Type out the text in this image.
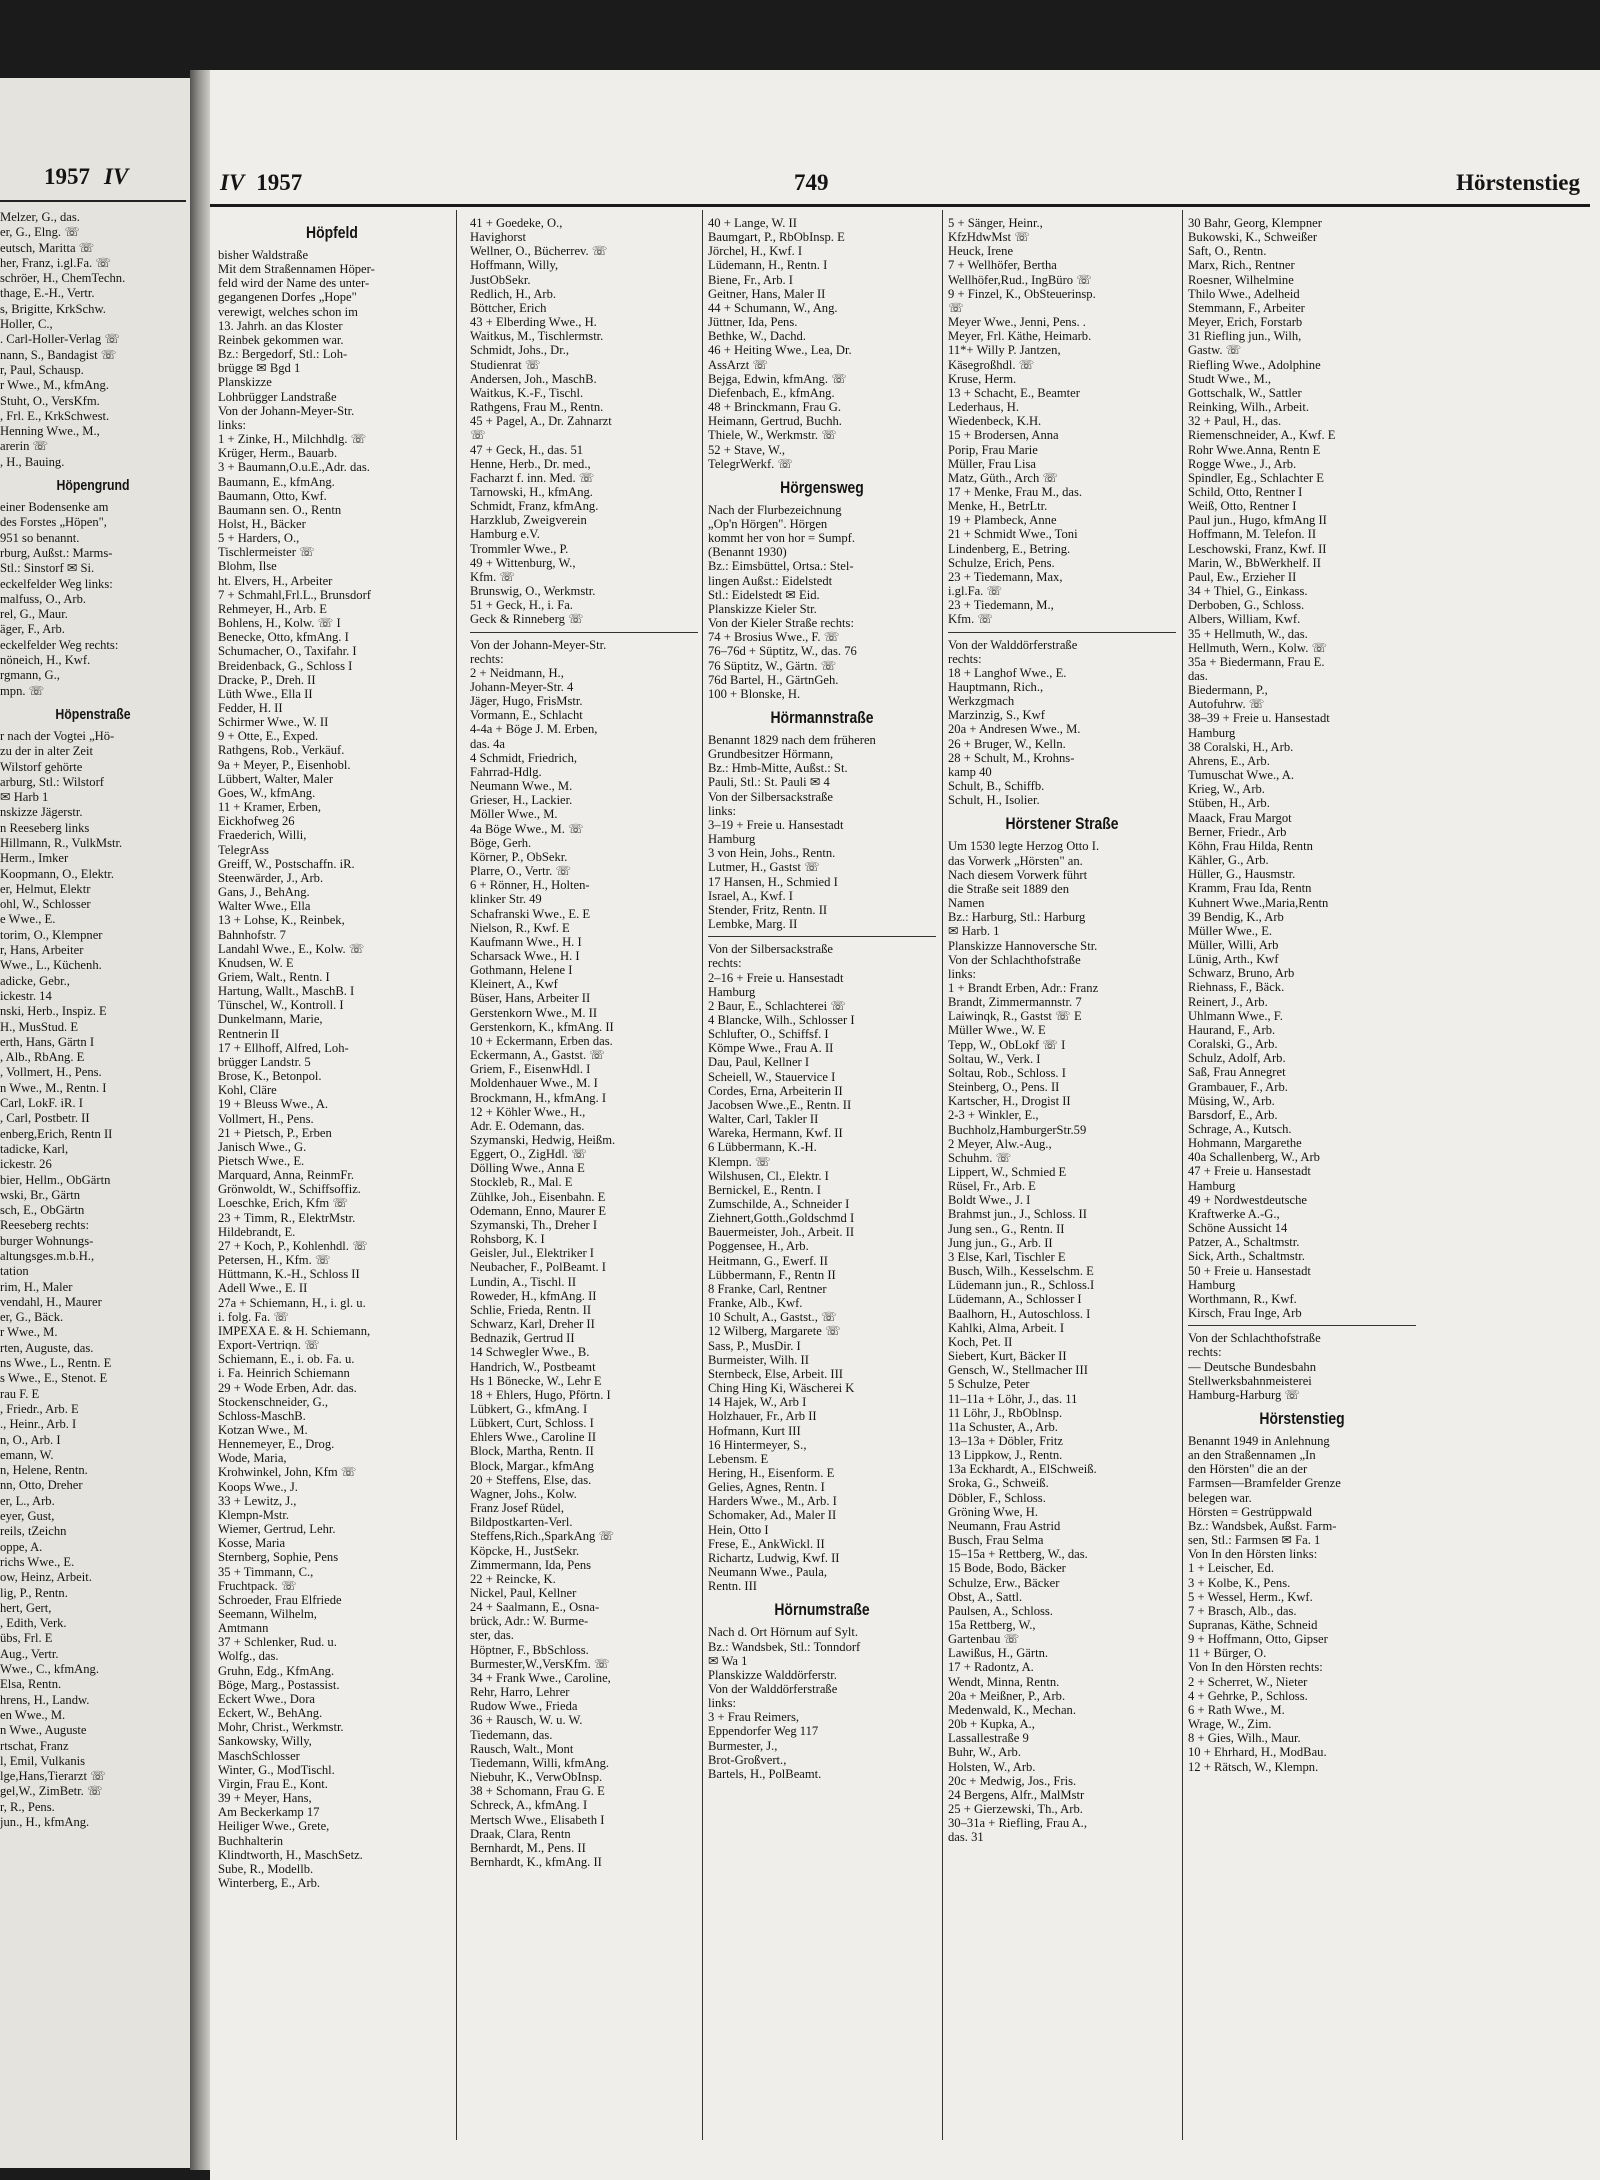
1957 IV
Melzer, G., das.
er, G., Elng. ☏
eutsch, Maritta ☏
her, Franz, i.gl.Fa. ☏
schröer, H., ChemTechn.
thage, E.-H., Vertr.
s, Brigitte, KrkSchw.
Holler, C.,
. Carl-Holler-Verlag ☏
nann, S., Bandagist ☏
r, Paul, Schausp.
r Wwe., M., kfmAng.
Stuht, O., VersKfm.
, Frl. E., KrkSchwest.
Henning Wwe., M.,
arerin ☏
, H., Bauing.
Höpengrund
einer Bodensenke am
des Forstes „Höpen",
951 so benannt.
rburg, Außst.: Marms-
Stl.: Sinstorf ✉ Si.
eckelfelder Weg links:
malfuss, O., Arb.
rel, G., Maur.
äger, F., Arb.
eckelfelder Weg rechts:
nöneich, H., Kwf.
rgmann, G.,
mpn. ☏
Höpenstraße
r nach der Vogtei „Hö-
zu der in alter Zeit
Wilstorf gehörte
arburg, Stl.: Wilstorf
✉ Harb 1
nskizze Jägerstr.
n Reeseberg links
Hillmann, R., VulkMstr.
Herm., Imker
Koopmann, O., Elektr.
er, Helmut, Elektr
ohl, W., Schlosser
e Wwe., E.
torim, O., Klempner
r, Hans, Arbeiter
Wwe., L., Küchenh.
adicke, Gebr.,
ickestr. 14
nski, Herb., Inspiz. E
H., MusStud. E
erth, Hans, Gärtn I
, Alb., RbAng. E
, Vollmert, H., Pens.
n Wwe., M., Rentn. I
Carl, LokF. iR. I
, Carl, Postbetr. II
enberg,Erich, Rentn II
tadicke, Karl,
ickestr. 26
bier, Hellm., ObGärtn
wski, Br., Gärtn
sch, E., ObGärtn
Reeseberg rechts:
burger Wohnungs-
altungsges.m.b.H.,
tation
rim, H., Maler
vendahl, H., Maurer
er, G., Bäck.
r Wwe., M.
rten, Auguste, das.
ns Wwe., L., Rentn. E
s Wwe., E., Stenot. E
rau F. E
, Friedr., Arb. E
., Heinr., Arb. I
n, O., Arb. I
emann, W.
n, Helene, Rentn.
nn, Otto, Dreher
er, L., Arb.
eyer, Gust,
reils, tZeichn
oppe, A.
richs Wwe., E.
ow, Heinz, Arbeit.
lig, P., Rentn.
hert, Gert,
, Edith, Verk.
übs, Frl. E
Aug., Vertr.
Wwe., C., kfmAng.
Elsa, Rentn.
hrens, H., Landw.
en Wwe., M.
n Wwe., Auguste
rtschat, Franz
l, Emil, Vulkanis
lge,Hans,Tierarzt ☏
gel,W., ZimBetr. ☏
r, R., Pens.
jun., H., kfmAng.
IV 1957	749	Hörstenstieg
Höpfeld
bisher Waldstraße
Mit dem Straßennamen Höper-
feld wird der Name des unter-
gegangenen Dorfes „Hope"
verewigt, welches schon im
13. Jahrh. an das Kloster
Reinbek gekommen war.
Bz.: Bergedorf, Stl.: Loh-
brügge ✉ Bgd 1
Planskizze
Lohbrügger Landstraße
Von der Johann-Meyer-Str.
links:
1 + Zinke, H., Milchhdlg. ☏
Krüger, Herm., Bauarb.
3 + Baumann,O.u.E.,Adr. das.
Baumann, E., kfmAng.
Baumann, Otto, Kwf.
Baumann sen. O., Rentn
Holst, H., Bäcker
5 + Harders, O.,
Tischlermeister ☏
Blohm, Ilse
ht. Elvers, H., Arbeiter
7 + Schmahl,Frl.L., Brunsdorf
Rehmeyer, H., Arb. E
Bohlens, H., Kolw. ☏ I
Benecke, Otto, kfmAng. I
Schumacher, O., Taxifahr. I
Breidenback, G., Schloss I
Dracke, P., Dreh. II
Lüth Wwe., Ella II
Fedder, H. II
Schirmer Wwe., W. II
9 + Otte, E., Exped.
Rathgens, Rob., Verkäuf.
9a + Meyer, P., Eisenhobl.
Lübbert, Walter, Maler
Goes, W., kfmAng.
11 + Kramer, Erben,
Eickhofweg 26
Fraederich, Willi,
TelegrAss
Greiff, W., Postschaffn. iR.
Steenwärder, J., Arb.
Gans, J., BehAng.
Walter Wwe., Ella
13 + Lohse, K., Reinbek,
Bahnhofstr. 7
Landahl Wwe., E., Kolw. ☏
Knudsen, W. E
Griem, Walt., Rentn. I
Hartung, Wallt., MaschB. I
Tünschel, W., Kontroll. I
Dunkelmann, Marie,
Rentnerin II
17 + Ellhoff, Alfred, Loh-
brügger Landstr. 5
Brose, K., Betonpol.
Kohl, Cläre
19 + Bleuss Wwe., A.
Vollmert, H., Pens.
21 + Pietsch, P., Erben
Janisch Wwe., G.
Pietsch Wwe., E.
Marquard, Anna, ReinmFr.
Grönwoldt, W., Schiffsoffiz.
Loeschke, Erich, Kfm ☏
23 + Timm, R., ElektrMstr.
Hildebrandt, E.
27 + Koch, P., Kohlenhdl. ☏
Petersen, H., Kfm. ☏
Hüttmann, K.-H., Schloss II
Adell Wwe., E. II
27a + Schiemann, H., i. gl. u.
i. folg. Fa. ☏
IMPEXA E. & H. Schiemann,
Export-Vertriqn. ☏
Schiemann, E., i. ob. Fa. u.
i. Fa. Heinrich Schiemann
29 + Wode Erben, Adr. das.
Stockenschneider, G.,
Schloss-MaschB.
Kotzan Wwe., M.
Hennemeyer, E., Drog.
Wode, Maria,
Krohwinkel, John, Kfm ☏
Koops Wwe., J.
33 + Lewitz, J.,
Klempn-Mstr.
Wiemer, Gertrud, Lehr.
Kosse, Maria
Sternberg, Sophie, Pens
35 + Timmann, C.,
Fruchtpack. ☏
Schroeder, Frau Elfriede
Seemann, Wilhelm,
Amtmann
37 + Schlenker, Rud. u.
Wolfg., das.
Gruhn, Edg., KfmAng.
Böge, Marg., Postassist.
Eckert Wwe., Dora
Eckert, W., BehAng.
Mohr, Christ., Werkmstr.
Sankowsky, Willy,
MaschSchlosser
Winter, G., ModTischl.
Virgin, Frau E., Kont.
39 + Meyer, Hans,
Am Beckerkamp 17
Heiliger Wwe., Grete,
Buchhalterin
Klindtworth, H., MaschSetz.
Sube, R., Modellb.
Winterberg, E., Arb.
41 + Goedeke, O.,
Havighorst
Wellner, O., Bücherrev. ☏
Hoffmann, Willy,
JustObSekr.
Redlich, H., Arb.
Böttcher, Erich
43 + Elberding Wwe., H.
Waitkus, M., Tischlermstr.
Schmidt, Johs., Dr.,
Studienrat ☏
Andersen, Joh., MaschB.
Waitkus, K.-F., Tischl.
Rathgens, Frau M., Rentn.
45 + Pagel, A., Dr. Zahnarzt
☏
47 + Geck, H., das. 51
Henne, Herb., Dr. med.,
Facharzt f. inn. Med. ☏
Tarnowski, H., kfmAng.
Schmidt, Franz, kfmAng.
Harzklub, Zweigverein
Hamburg e.V.
Trommler Wwe., P.
49 + Wittenburg, W.,
Kfm. ☏
Brunswig, O., Werkmstr.
51 + Geck, H., i. Fa.
Geck & Rinneberg ☏
Von der Johann-Meyer-Str.
rechts:
2 + Neidmann, H.,
Johann-Meyer-Str. 4
Jäger, Hugo, FrisMstr.
Vormann, E., Schlacht
4-4a + Böge J. M. Erben,
das. 4a
4 Schmidt, Friedrich,
Fahrrad-Hdlg.
Neumann Wwe., M.
Grieser, H., Lackier.
Möller Wwe., M.
4a Böge Wwe., M. ☏
Böge, Gerh.
Körner, P., ObSekr.
Plarre, O., Vertr. ☏
6 + Rönner, H., Holten-
klinker Str. 49
Schafranski Wwe., E. E
Nielson, R., Kwf. E
Kaufmann Wwe., H. I
Scharsack Wwe., H. I
Gothmann, Helene I
Kleinert, A., Kwf
Büser, Hans, Arbeiter II
Gerstenkorn Wwe., M. II
Gerstenkorn, K., kfmAng. II
10 + Eckermann, Erben das.
Eckermann, A., Gastst. ☏
Griem, F., EisenwHdl. I
Moldenhauer Wwe., M. I
Brockmann, H., kfmAng. I
12 + Köhler Wwe., H.,
Adr. E. Odemann, das.
Szymanski, Hedwig, Heißm.
Eggert, O., ZigHdl. ☏
Dölling Wwe., Anna E
Stockleb, R., Mal. E
Zühlke, Joh., Eisenbahn. E
Odemann, Enno, Maurer E
Szymanski, Th., Dreher I
Rohsborg, K. I
Geisler, Jul., Elektriker I
Neubacher, F., PolBeamt. I
Lundin, A., Tischl. II
Roweder, H., kfmAng. II
Schlie, Frieda, Rentn. II
Schwarz, Karl, Dreher II
Bednazik, Gertrud II
14 Schwegler Wwe., B.
Handrich, W., Postbeamt
Hs 1 Bönecke, W., Lehr E
18 + Ehlers, Hugo, Pförtn. I
Lübkert, G., kfmAng. I
Lübkert, Curt, Schloss. I
Ehlers Wwe., Caroline II
Block, Martha, Rentn. II
Block, Margar., kfmAng
20 + Steffens, Else, das.
Wagner, Johs., Kolw.
Franz Josef Rüdel,
Bildpostkarten-Verl.
Steffens,Rich.,SparkAng ☏
Köpcke, H., JustSekr.
Zimmermann, Ida, Pens
22 + Reincke, K.
Nickel, Paul, Kellner
24 + Saalmann, E., Osna-
brück, Adr.: W. Burme-
ster, das.
Höptner, F., BbSchloss.
Burmester,W.,VersKfm. ☏
34 + Frank Wwe., Caroline,
Rehr, Harro, Lehrer
Rudow Wwe., Frieda
36 + Rausch, W. u. W.
Tiedemann, das.
Rausch, Walt., Mont
Tiedemann, Willi, kfmAng.
Niebuhr, K., VerwObInsp.
38 + Schomann, Frau G. E
Schreck, A., kfmAng. I
Mertsch Wwe., Elisabeth I
Draak, Clara, Rentn
Bernhardt, M., Pens. II
Bernhardt, K., kfmAng. II
40 + Lange, W. II
Baumgart, P., RbObInsp. E
Jörchel, H., Kwf. I
Lüdemann, H., Rentn. I
Biene, Fr., Arb. I
Geitner, Hans, Maler II
44 + Schumann, W., Ang.
Jüttner, Ida, Pens.
Bethke, W., Dachd.
46 + Heiting Wwe., Lea, Dr.
AssArzt ☏
Bejga, Edwin, kfmAng. ☏
Diefenbach, E., kfmAng.
48 + Brinckmann, Frau G.
Heimann, Gertrud, Buchh.
Thiele, W., Werkmstr. ☏
52 + Stave, W.,
TelegrWerkf. ☏
Hörgensweg
Nach der Flurbezeichnung
„Op'n Hörgen". Hörgen
kommt her von hor = Sumpf.
(Benannt 1930)
Bz.: Eimsbüttel, Ortsa.: Stel-
lingen Außst.: Eidelstedt
Stl.: Eidelstedt ✉ Eid.
Planskizze Kieler Str.
Von der Kieler Straße rechts:
74 + Brosius Wwe., F. ☏
76–76d + Süptitz, W., das. 76
76 Süptitz, W., Gärtn. ☏
76d Bartel, H., GärtnGeh.
100 + Blonske, H.
Hörmannstraße
Benannt 1829 nach dem früheren
Grundbesitzer Hörmann,
Bz.: Hmb-Mitte, Außst.: St.
Pauli, Stl.: St. Pauli ✉ 4
Von der Silbersackstraße
links:
3–19 + Freie u. Hansestadt
Hamburg
3 von Hein, Johs., Rentn.
Lutmer, H., Gastst ☏
17 Hansen, H., Schmied I
Israel, A., Kwf. I
Stender, Fritz, Rentn. II
Lembke, Marg. II
Von der Silbersackstraße
rechts:
2–16 + Freie u. Hansestadt
Hamburg
2 Baur, E., Schlachterei ☏
4 Blancke, Wilh., Schlosser I
Schlufter, O., Schiffsf. I
Kömpe Wwe., Frau A. II
Dau, Paul, Kellner I
Scheiell, W., Stauervice I
Cordes, Erna, Arbeiterin II
Jacobsen Wwe.,E., Rentn. II
Walter, Carl, Takler II
Wareka, Hermann, Kwf. II
6 Lübbermann, K.-H.
Klempn. ☏
Wilshusen, Cl., Elektr. I
Bernickel, E., Rentn. I
Zumschilde, A., Schneider I
Ziehnert,Gotth.,Goldschmd I
Bauermeister, Joh., Arbeit. II
Poggensee, H., Arb.
Heitmann, G., Ewerf. II
Lübbermann, F., Rentn II
8 Franke, Carl, Rentner
Franke, Alb., Kwf.
10 Schult, A., Gastst., ☏
12 Wilberg, Margarete ☏
Sass, P., MusDir. I
Burmeister, Wilh. II
Sternbeck, Else, Arbeit. III
Ching Hing Ki, Wäscherei K
14 Hajek, W., Arb I
Holzhauer, Fr., Arb II
Hofmann, Kurt III
16 Hintermeyer, S.,
Lebensm. E
Hering, H., Eisenform. E
Gelies, Agnes, Rentn. I
Harders Wwe., M., Arb. I
Schomaker, Ad., Maler II
Hein, Otto I
Frese, E., AnkWickl. II
Richartz, Ludwig, Kwf. II
Neumann Wwe., Paula,
Rentn. III
Hörnumstraße
Nach d. Ort Hörnum auf Sylt.
Bz.: Wandsbek, Stl.: Tonndorf
✉ Wa 1
Planskizze Walddörferstr.
Von der Walddörferstraße
links:
3 + Frau Reimers,
Eppendorfer Weg 117
Burmester, J.,
Brot-Großvert.,
Bartels, H., PolBeamt.
5 + Sänger, Heinr.,
KfzHdwMst ☏
Heuck, Irene
7 + Wellhöfer, Bertha
Wellhöfer,Rud., IngBüro ☏
9 + Finzel, K., ObSteuerinsp.
☏
Meyer Wwe., Jenni, Pens. .
Meyer, Frl. Käthe, Heimarb.
11*+ Willy P. Jantzen,
Käsegroßhdl. ☏
Kruse, Herm.
13 + Schacht, E., Beamter
Lederhaus, H.
Wiedenbeck, K.H.
15 + Brodersen, Anna
Porip, Frau Marie
Müller, Frau Lisa
Matz, Güth., Arch ☏
17 + Menke, Frau M., das.
Menke, H., BetrLtr.
19 + Plambeck, Anne
21 + Schmidt Wwe., Toni
Lindenberg, E., Betring.
Schulze, Erich, Pens.
23 + Tiedemann, Max,
i.gl.Fa. ☏
23 + Tiedemann, M.,
Kfm. ☏
Von der Walddörferstraße
rechts:
18 + Langhof Wwe., E.
Hauptmann, Rich.,
Werkzgmach
Marzinzig, S., Kwf
20a + Andresen Wwe., M.
26 + Bruger, W., Kelln.
28 + Schult, M., Krohns-
kamp 40
Schult, B., Schiffb.
Schult, H., Isolier.
Hörstener Straße
Um 1530 legte Herzog Otto I.
das Vorwerk „Hörsten" an.
Nach diesem Vorwerk führt
die Straße seit 1889 den
Namen
Bz.: Harburg, Stl.: Harburg
✉ Harb. 1
Planskizze Hannoversche Str.
Von der Schlachthofstraße
links:
1 + Brandt Erben, Adr.: Franz
Brandt, Zimmermannstr. 7
Laiwinqk, R., Gastst ☏ E
Müller Wwe., W. E
Tepp, W., ObLokf ☏ I
Soltau, W., Verk. I
Soltau, Rob., Schloss. I
Steinberg, O., Pens. II
Kartscher, H., Drogist II
2-3 + Winkler, E.,
Buchholz,HamburgerStr.59
2 Meyer, Alw.-Aug.,
Schuhm. ☏
Lippert, W., Schmied E
Rüsel, Fr., Arb. E
Boldt Wwe., J. I
Brahmst jun., J., Schloss. II
Jung sen., G., Rentn. II
Jung jun., G., Arb. II
3 Else, Karl, Tischler E
Busch, Wilh., Kesselschm. E
Lüdemann jun., R., Schloss.I
Lüdemann, A., Schlosser I
Baalhorn, H., Autoschloss. I
Kahlki, Alma, Arbeit. I
Koch, Pet. II
Siebert, Kurt, Bäcker II
Gensch, W., Stellmacher III
5 Schulze, Peter
11–11a + Löhr, J., das. 11
11 Löhr, J., RbOblnsp.
11a Schuster, A., Arb.
13–13a + Döbler, Fritz
13 Lippkow, J., Rentn.
13a Eckhardt, A., ElSchweiß.
Sroka, G., Schweiß.
Döbler, F., Schloss.
Gröning Wwe, H.
Neumann, Frau Astrid
Busch, Frau Selma
15–15a + Rettberg, W., das.
15 Bode, Bodo, Bäcker
Schulze, Erw., Bäcker
Obst, A., Sattl.
Paulsen, A., Schloss.
15a Rettberg, W.,
Gartenbau ☏
Lawißus, H., Gärtn.
17 + Radontz, A.
Wendt, Minna, Rentn.
20a + Meißner, P., Arb.
Medenwald, K., Mechan.
20b + Kupka, A.,
Lassallestraße 9
Buhr, W., Arb.
Holsten, W., Arb.
20c + Medwig, Jos., Fris.
24 Bergens, Alfr., MalMstr
25 + Gierzewski, Th., Arb.
30–31a + Riefling, Frau A.,
das. 31
30 Bahr, Georg, Klempner
Bukowski, K., Schweißer
Saft, O., Rentn.
Marx, Rich., Rentner
Roesner, Wilhelmine
Thilo Wwe., Adelheid
Stemmann, F., Arbeiter
Meyer, Erich, Forstarb
31 Riefling jun., Wilh,
Gastw. ☏
Riefling Wwe., Adolphine
Studt Wwe., M.,
Gottschalk, W., Sattler
Reinking, Wilh., Arbeit.
32 + Paul, H., das.
Riemenschneider, A., Kwf. E
Rohr Wwe.Anna, Rentn E
Rogge Wwe., J., Arb.
Spindler, Eg., Schlachter E
Schild, Otto, Rentner I
Weiß, Otto, Rentner I
Paul jun., Hugo, kfmAng II
Hoffmann, M. Telefon. II
Leschowski, Franz, Kwf. II
Marin, W., BbWerkhelf. II
Paul, Ew., Erzieher II
34 + Thiel, G., Einkass.
Derboben, G., Schloss.
Albers, William, Kwf.
35 + Hellmuth, W., das.
Hellmuth, Wern., Kolw. ☏
35a + Biedermann, Frau E.
das.
Biedermann, P.,
Autofuhrw. ☏
38–39 + Freie u. Hansestadt
Hamburg
38 Coralski, H., Arb.
Ahrens, E., Arb.
Tumuschat Wwe., A.
Krieg, W., Arb.
Stüben, H., Arb.
Maack, Frau Margot
Berner, Friedr., Arb
Köhn, Frau Hilda, Rentn
Kähler, G., Arb.
Hüller, G., Hausmstr.
Kramm, Frau Ida, Rentn
Kuhnert Wwe.,Maria,Rentn
39 Bendig, K., Arb
Müller Wwe., E.
Müller, Willi, Arb
Lünig, Arth., Kwf
Schwarz, Bruno, Arb
Riehnass, F., Bäck.
Reinert, J., Arb.
Uhlmann Wwe., F.
Haurand, F., Arb.
Coralski, G., Arb.
Schulz, Adolf, Arb.
Saß, Frau Annegret
Grambauer, F., Arb.
Müsing, W., Arb.
Barsdorf, E., Arb.
Schrage, A., Kutsch.
Hohmann, Margarethe
40a Schallenberg, W., Arb
47 + Freie u. Hansestadt
Hamburg
49 + Nordwestdeutsche
Kraftwerke A.-G.,
Schöne Aussicht 14
Patzer, A., Schaltmstr.
Sick, Arth., Schaltmstr.
50 + Freie u. Hansestadt
Hamburg
Worthmann, R., Kwf.
Kirsch, Frau Inge, Arb
Von der Schlachthofstraße
rechts:
— Deutsche Bundesbahn
Stellwerksbahnmeisterei
Hamburg-Harburg ☏
Hörstenstieg
Benannt 1949 in Anlehnung
an den Straßennamen „In
den Hörsten" die an der
Farmsen—Bramfelder Grenze
belegen war.
Hörsten = Gestrüppwald
Bz.: Wandsbek, Außst. Farm-
sen, Stl.: Farmsen ✉ Fa. 1
Von In den Hörsten links:
1 + Leischer, Ed.
3 + Kolbe, K., Pens.
5 + Wessel, Herm., Kwf.
7 + Brasch, Alb., das.
Supranas, Käthe, Schneid
9 + Hoffmann, Otto, Gipser
11 + Bürger, O.
Von In den Hörsten rechts:
2 + Scherret, W., Nieter
4 + Gehrke, P., Schloss.
6 + Rath Wwe., M.
Wrage, W., Zim.
8 + Gies, Wilh., Maur.
10 + Ehrhard, H., ModBau.
12 + Rätsch, W., Klempn.
